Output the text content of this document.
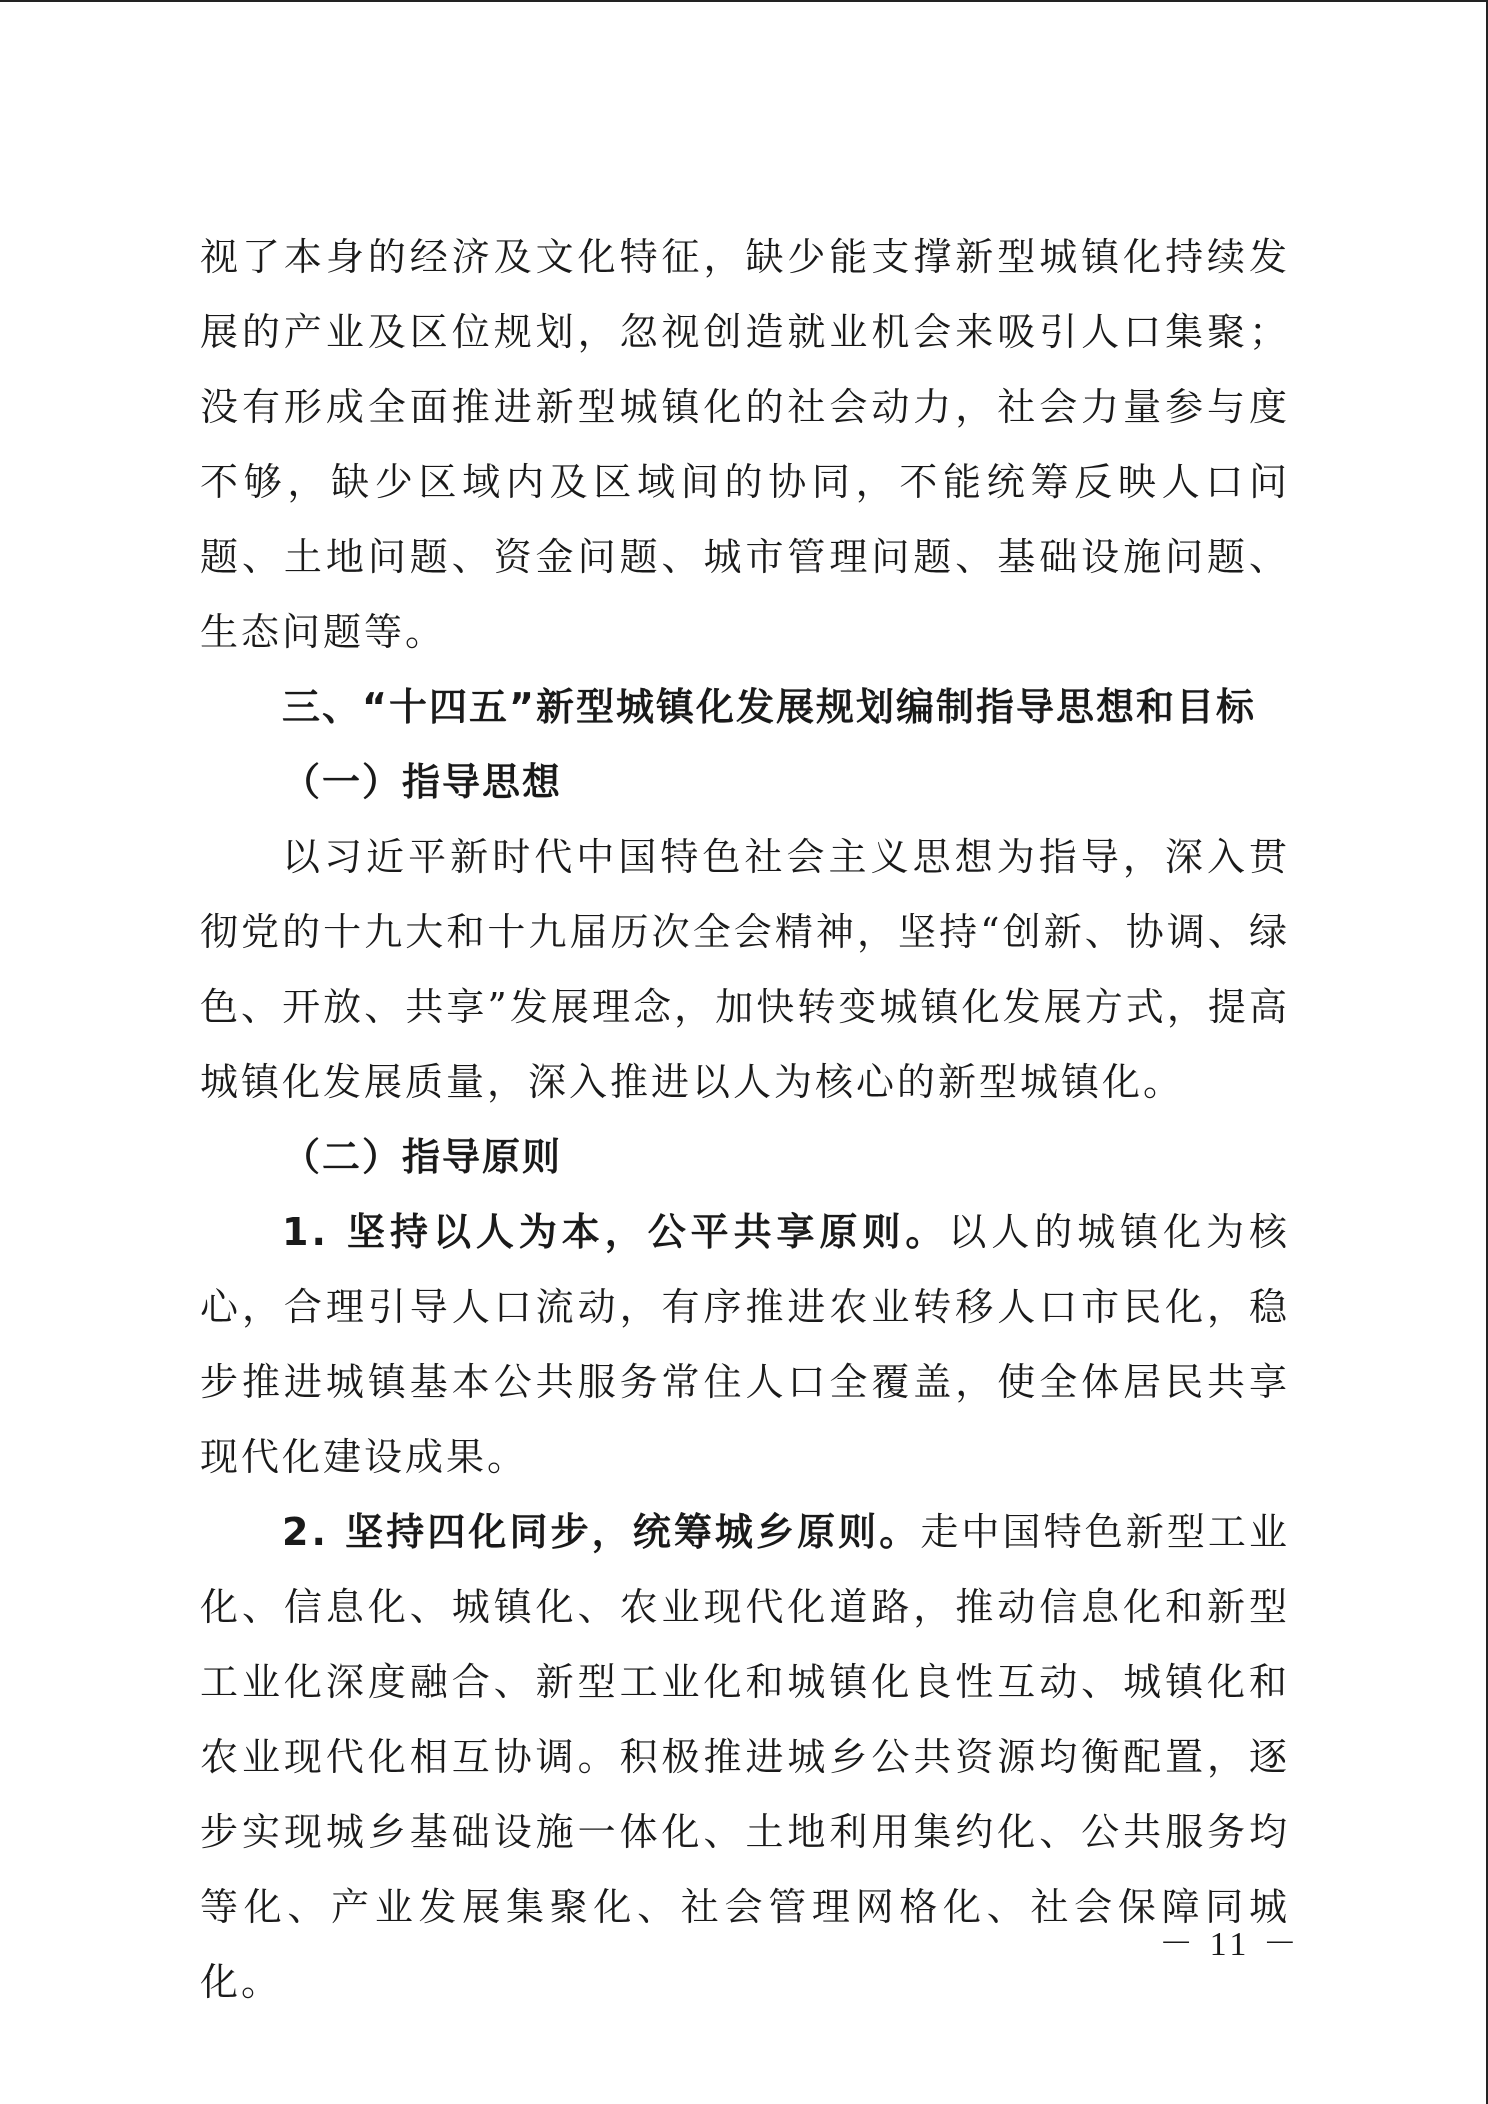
视了本身的经济及文化特征，缺少能支撑新型城镇化持续发展的产业及区位规划，忽视创造就业机会来吸引人口集聚；没有形成全面推进新型城镇化的社会动力，社会力量参与度不够，缺少区域内及区域间的协同，不能统筹反映人口问题、土地问题、资金问题、城市管理问题、基础设施问题、生态问题等。

三、“十四五”新型城镇化发展规划编制指导思想和目标

（一）指导思想

以习近平新时代中国特色社会主义思想为指导，深入贯彻党的十九大和十九届历次全会精神，坚持“创新、协调、绿色、开放、共享”发展理念，加快转变城镇化发展方式，提高城镇化发展质量，深入推进以人为核心的新型城镇化。

（二）指导原则

1. 坚持以人为本，公平共享原则。以人的城镇化为核心，合理引导人口流动，有序推进农业转移人口市民化，稳步推进城镇基本公共服务常住人口全覆盖，使全体居民共享现代化建设成果。

2. 坚持四化同步，统筹城乡原则。走中国特色新型工业化、信息化、城镇化、农业现代化道路，推动信息化和新型工业化深度融合、新型工业化和城镇化良性互动、城镇化和农业现代化相互协调。积极推进城乡公共资源均衡配置，逐步实现城乡基础设施一体化、土地利用集约化、公共服务均等化、产业发展集聚化、社会管理网格化、社会保障同城化。

－ 11 －
